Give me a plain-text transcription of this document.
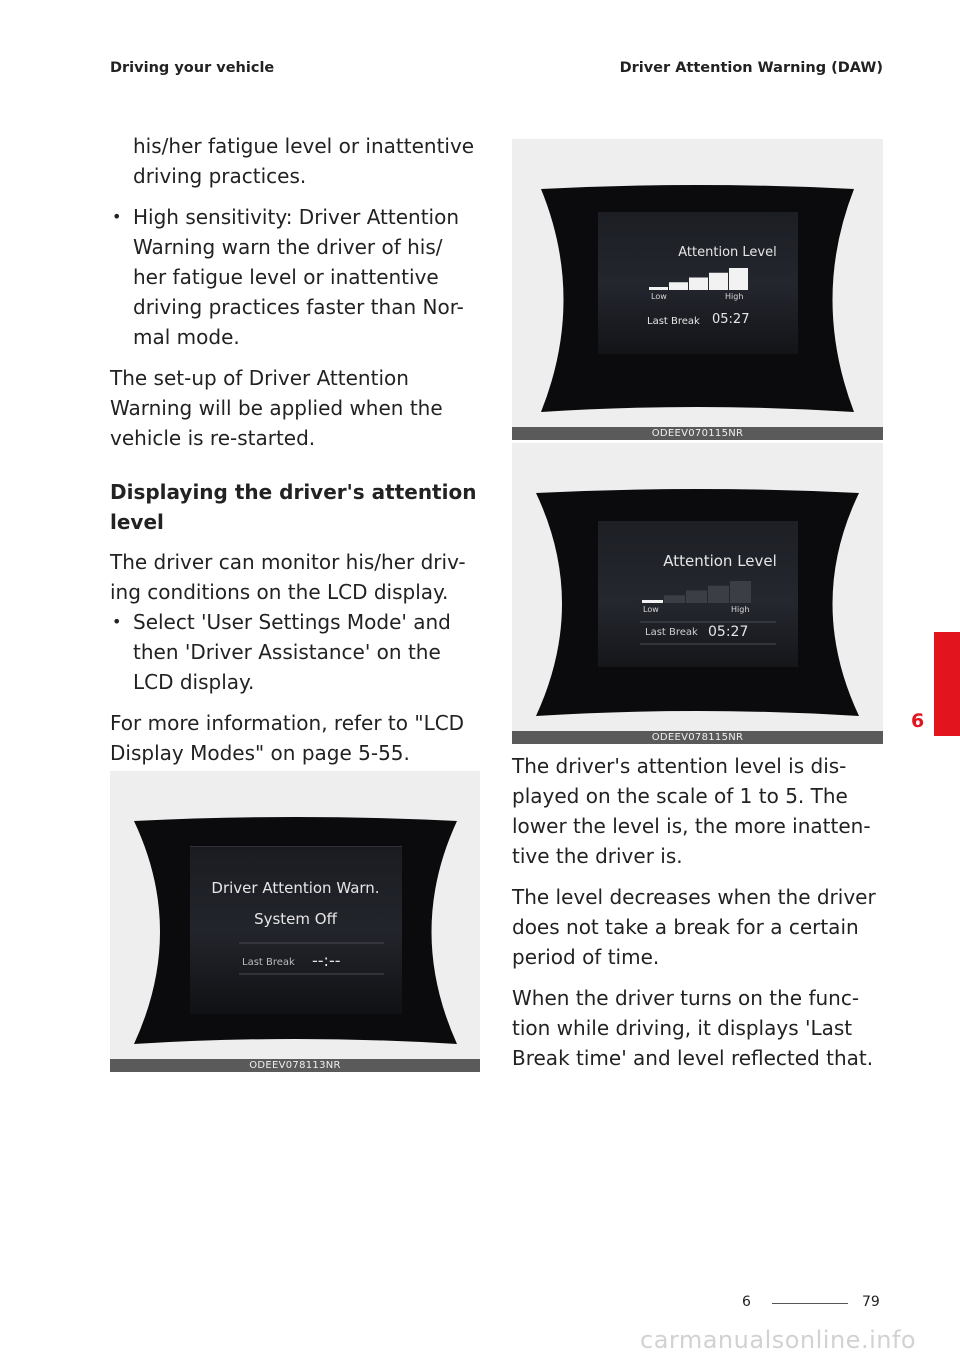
Driving your vehicle	Driver Attention Warning (DAW)

his/her fatigue level or inattentive driving practices.

• High sensitivity: Driver Attention Warning warn the driver of his/ her fatigue level or inattentive driving practices faster than Nor- mal mode.

The set-up of Driver Attention Warning will be applied when the vehicle is re-started.

Displaying the driver's attention level

The driver can monitor his/her driv- ing conditions on the LCD display.

• Select 'User Settings Mode' and then 'Driver Assistance' on the LCD display.

For more information, refer to "LCD Display Modes" on page 5-55.

Driver Attention Warn.
System Off
Last Break --:--
ODEEV078113NR
Attention Level
Low	High
Last Break 05:27
ODEEV070115NR
Attention Level
Low	High
Last Break 05:27
ODEEV078115NR

The driver's attention level is dis- played on the scale of 1 to 5. The lower the level is, the more inatten- tive the driver is.

The level decreases when the driver does not take a break for a certain period of time.

When the driver turns on the func- tion while driving, it displays 'Last Break time' and level reflected that.

6
6	79
carmanualsonline.info
